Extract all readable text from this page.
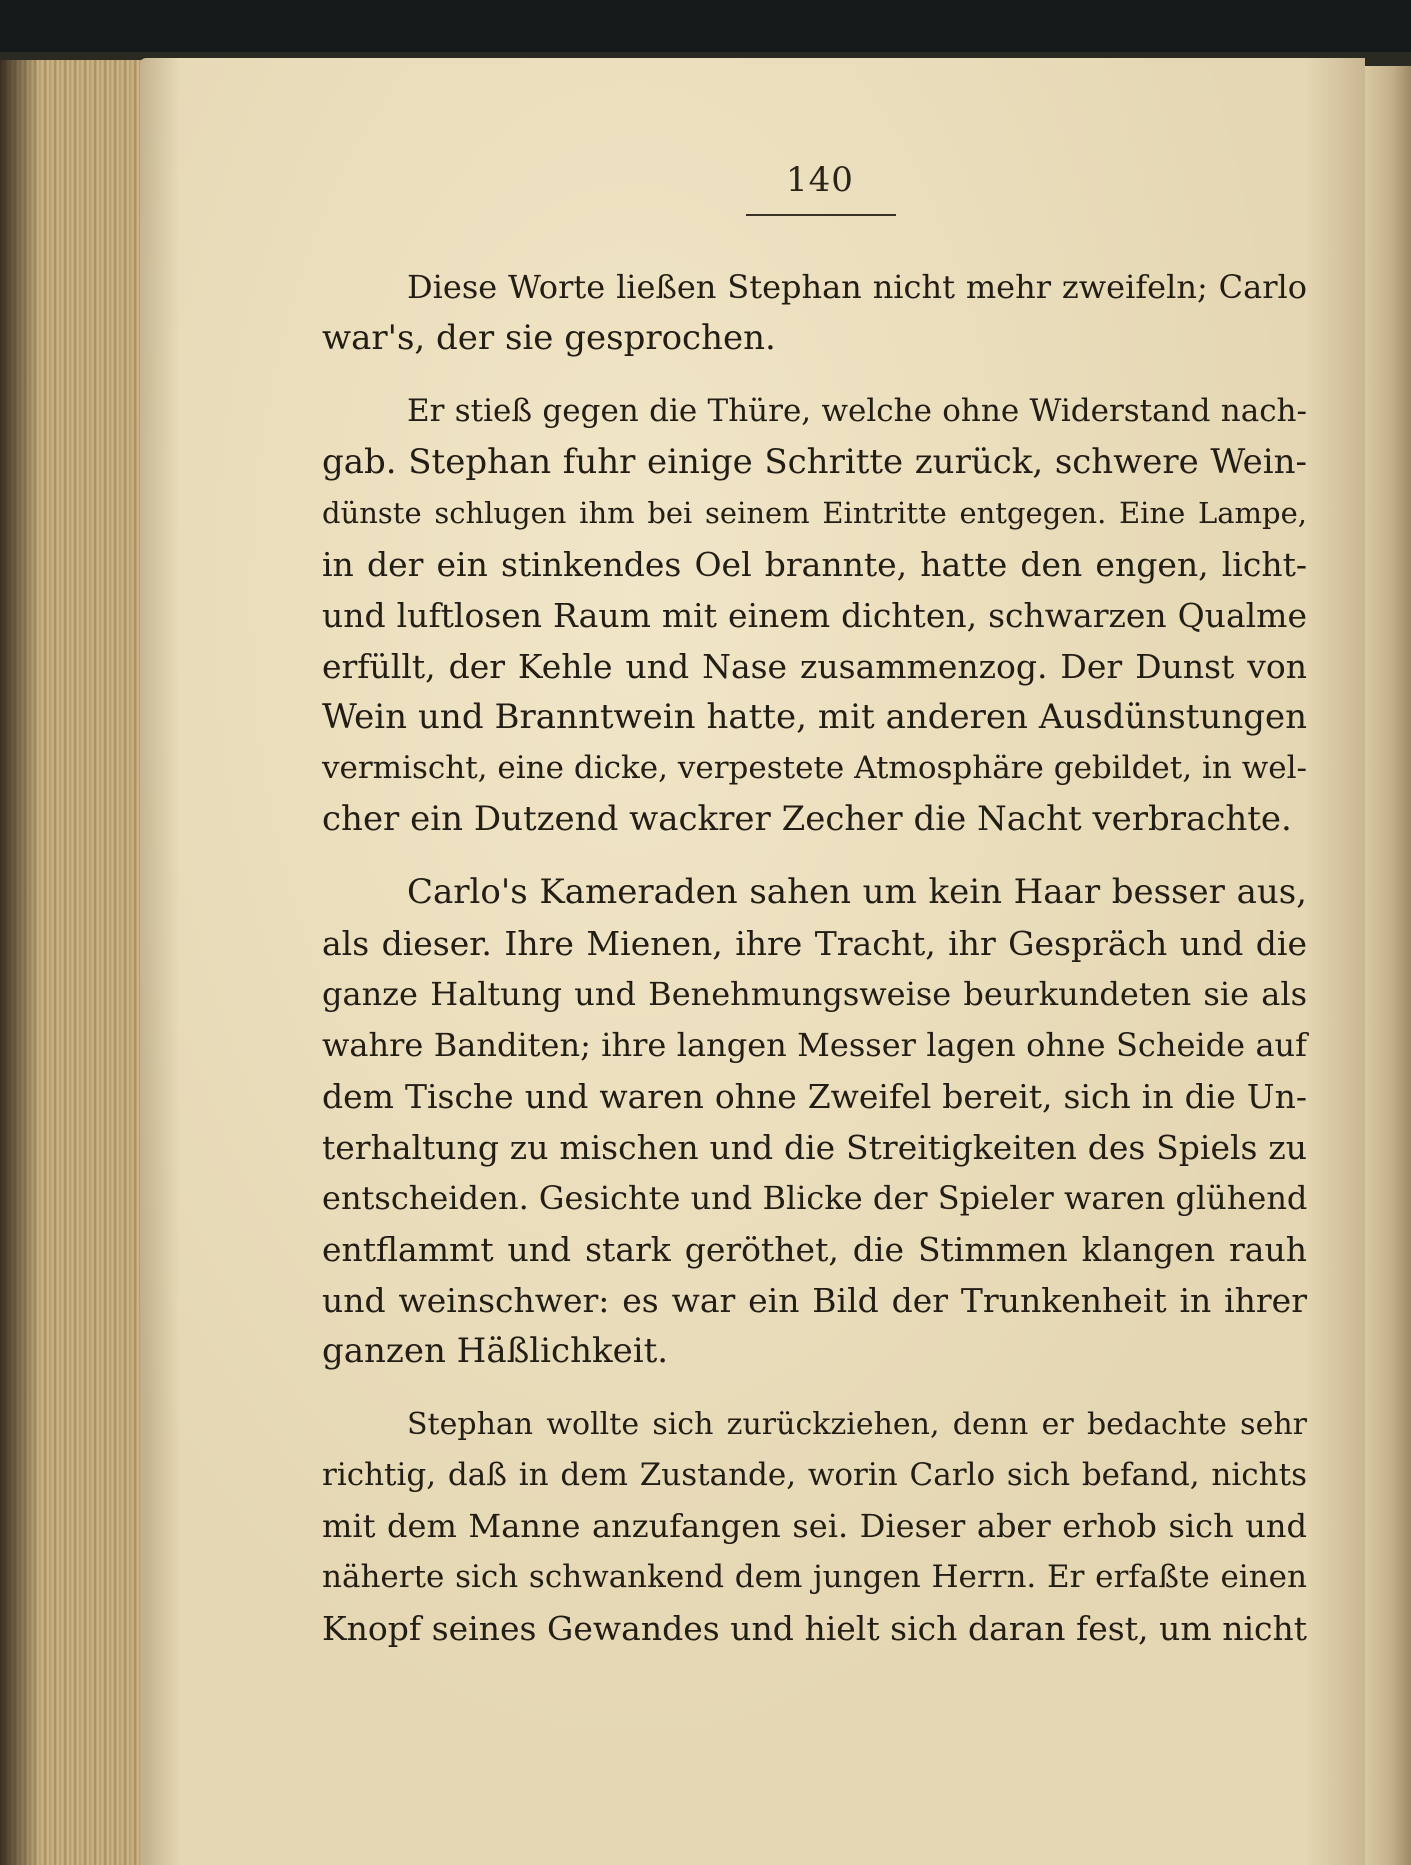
140
Diese Worte ließen Stephan nicht mehr zweifeln; Carlo
war's, der sie gesprochen.
Er stieß gegen die Thüre, welche ohne Widerstand nach-
gab. Stephan fuhr einige Schritte zurück, schwere Wein-
dünste schlugen ihm bei seinem Eintritte entgegen. Eine Lampe,
in der ein stinkendes Oel brannte, hatte den engen, licht-
und luftlosen Raum mit einem dichten, schwarzen Qualme
erfüllt, der Kehle und Nase zusammenzog. Der Dunst von
Wein und Branntwein hatte, mit anderen Ausdünstungen
vermischt, eine dicke, verpestete Atmosphäre gebildet, in wel-
cher ein Dutzend wackrer Zecher die Nacht verbrachte.
Carlo's Kameraden sahen um kein Haar besser aus,
als dieser. Ihre Mienen, ihre Tracht, ihr Gespräch und die
ganze Haltung und Benehmungsweise beurkundeten sie als
wahre Banditen; ihre langen Messer lagen ohne Scheide auf
dem Tische und waren ohne Zweifel bereit, sich in die Un-
terhaltung zu mischen und die Streitigkeiten des Spiels zu
entscheiden. Gesichte und Blicke der Spieler waren glühend
entflammt und stark geröthet, die Stimmen klangen rauh
und weinschwer: es war ein Bild der Trunkenheit in ihrer
ganzen Häßlichkeit.
Stephan wollte sich zurückziehen, denn er bedachte sehr
richtig, daß in dem Zustande, worin Carlo sich befand, nichts
mit dem Manne anzufangen sei. Dieser aber erhob sich und
näherte sich schwankend dem jungen Herrn. Er erfaßte einen
Knopf seines Gewandes und hielt sich daran fest, um nicht
